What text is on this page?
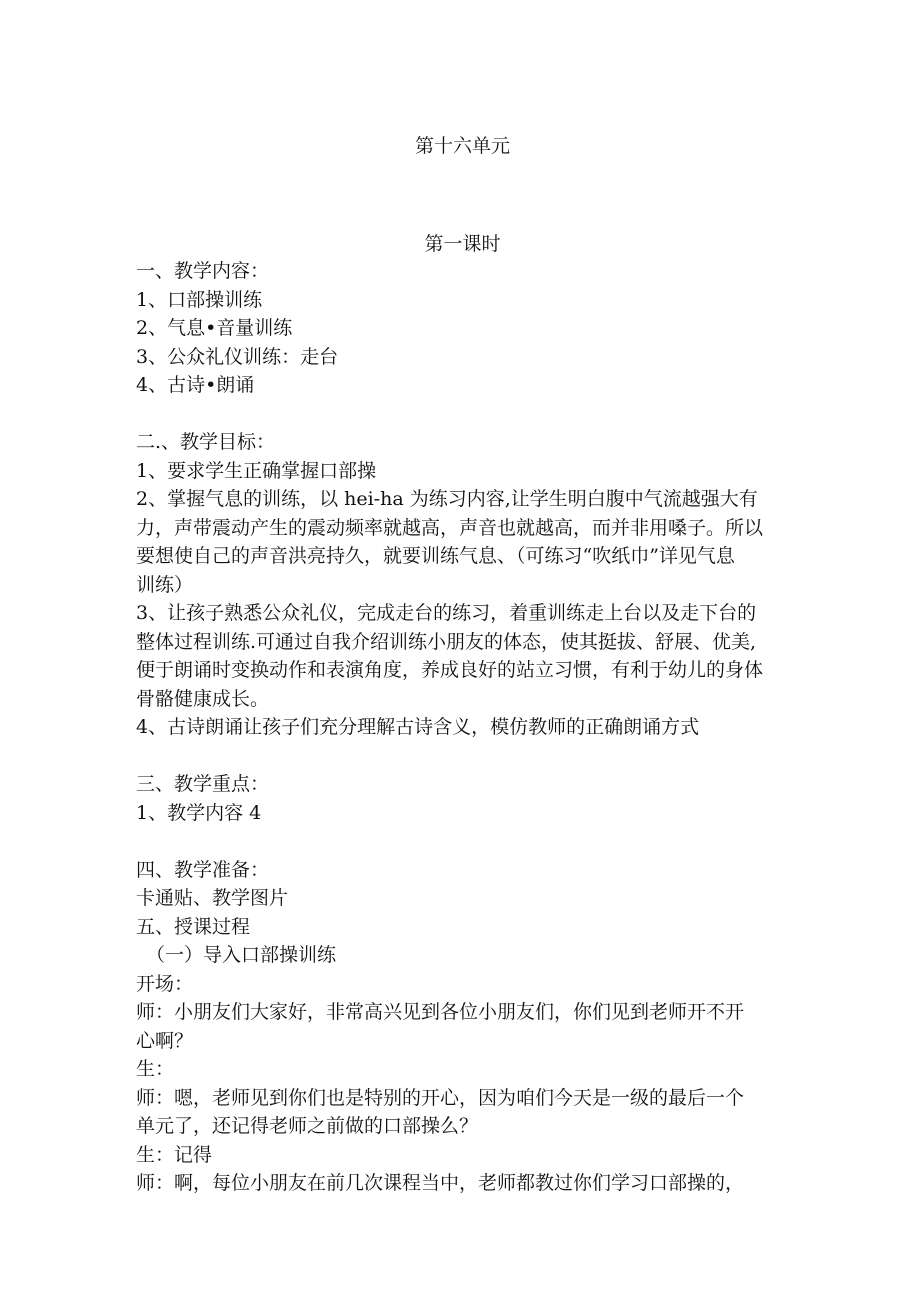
第十六单元
第一课时
一、教学内容：
1、口部操训练
2、气息•音量训练
3、公众礼仪训练：走台
4、古诗•朗诵
二.、教学目标：
1、要求学生正确掌握口部操
2、掌握气息的训练，以 hei-ha 为练习内容,让学生明白腹中气流越强大有
力，声带震动产生的震动频率就越高，声音也就越高，而并非用嗓子。所以
要想使自己的声音洪亮持久，就要训练气息、（可练习“吹纸巾”详见气息
训练）
3、让孩子熟悉公众礼仪，完成走台的练习，着重训练走上台以及走下台的
整体过程训练.可通过自我介绍训练小朋友的体态，使其挺拔、舒展、优美,
便于朗诵时变换动作和表演角度，养成良好的站立习惯，有利于幼儿的身体
骨骼健康成长。
4、古诗朗诵让孩子们充分理解古诗含义，模仿教师的正确朗诵方式
三、教学重点：
1、教学内容 4
四、教学准备：
卡通贴、教学图片
五、授课过程
（一）导入口部操训练
开场：
师：小朋友们大家好，非常高兴见到各位小朋友们，你们见到老师开不开
心啊？
生：
师：嗯，老师见到你们也是特别的开心，因为咱们今天是一级的最后一个
单元了，还记得老师之前做的口部操么？
生：记得
师：啊，每位小朋友在前几次课程当中，老师都教过你们学习口部操的，
